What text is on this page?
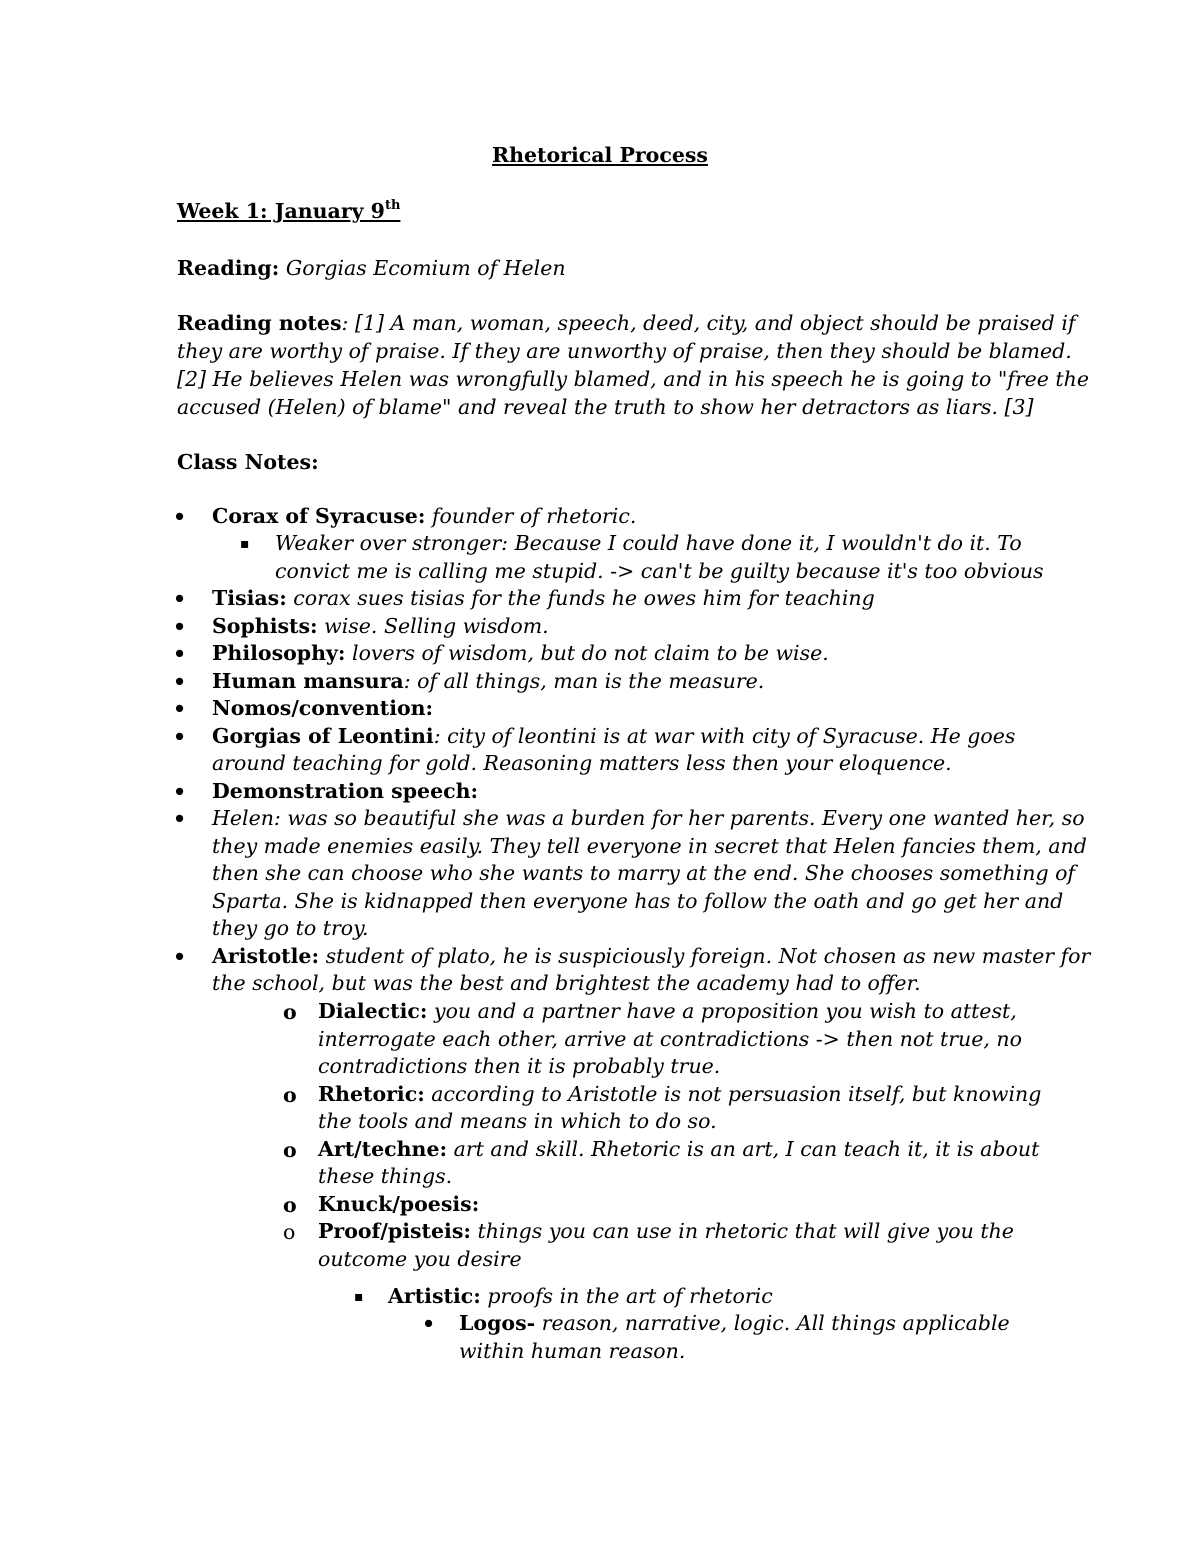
Rhetorical Process
Week 1: January 9th
Reading: Gorgias Ecomium of Helen
Reading notes: [1] A man, woman, speech, deed, city, and object should be praised if
they are worthy of praise. If they are unworthy of praise, then they should be blamed.
[2] He believes Helen was wrongfully blamed, and in his speech he is going to "free the
accused (Helen) of blame" and reveal the truth to show her detractors as liars. [3]
Class Notes:
• Corax of Syracuse: founder of rhetoric.
▪ Weaker over stronger: Because I could have done it, I wouldn't do it. To
convict me is calling me stupid. -> can't be guilty because it's too obvious
• Tisias: corax sues tisias for the funds he owes him for teaching
• Sophists: wise. Selling wisdom.
• Philosophy: lovers of wisdom, but do not claim to be wise.
• Human mansura: of all things, man is the measure.
• Nomos/convention:
• Gorgias of Leontini: city of leontini is at war with city of Syracuse. He goes
around teaching for gold. Reasoning matters less then your eloquence.
• Demonstration speech:
• Helen: was so beautiful she was a burden for her parents. Every one wanted her, so
they made enemies easily. They tell everyone in secret that Helen fancies them, and
then she can choose who she wants to marry at the end. She chooses something of
Sparta. She is kidnapped then everyone has to follow the oath and go get her and
they go to troy.
• Aristotle: student of plato, he is suspiciously foreign. Not chosen as new master for
the school, but was the best and brightest the academy had to offer.
o Dialectic: you and a partner have a proposition you wish to attest,
interrogate each other, arrive at contradictions -> then not true, no
contradictions then it is probably true.
o Rhetoric: according to Aristotle is not persuasion itself, but knowing
the tools and means in which to do so.
o Art/techne: art and skill. Rhetoric is an art, I can teach it, it is about
these things.
o Knuck/poesis:
o Proof/pisteis: things you can use in rhetoric that will give you the
outcome you desire
▪ Artistic: proofs in the art of rhetoric
• Logos- reason, narrative, logic. All things applicable
within human reason.
